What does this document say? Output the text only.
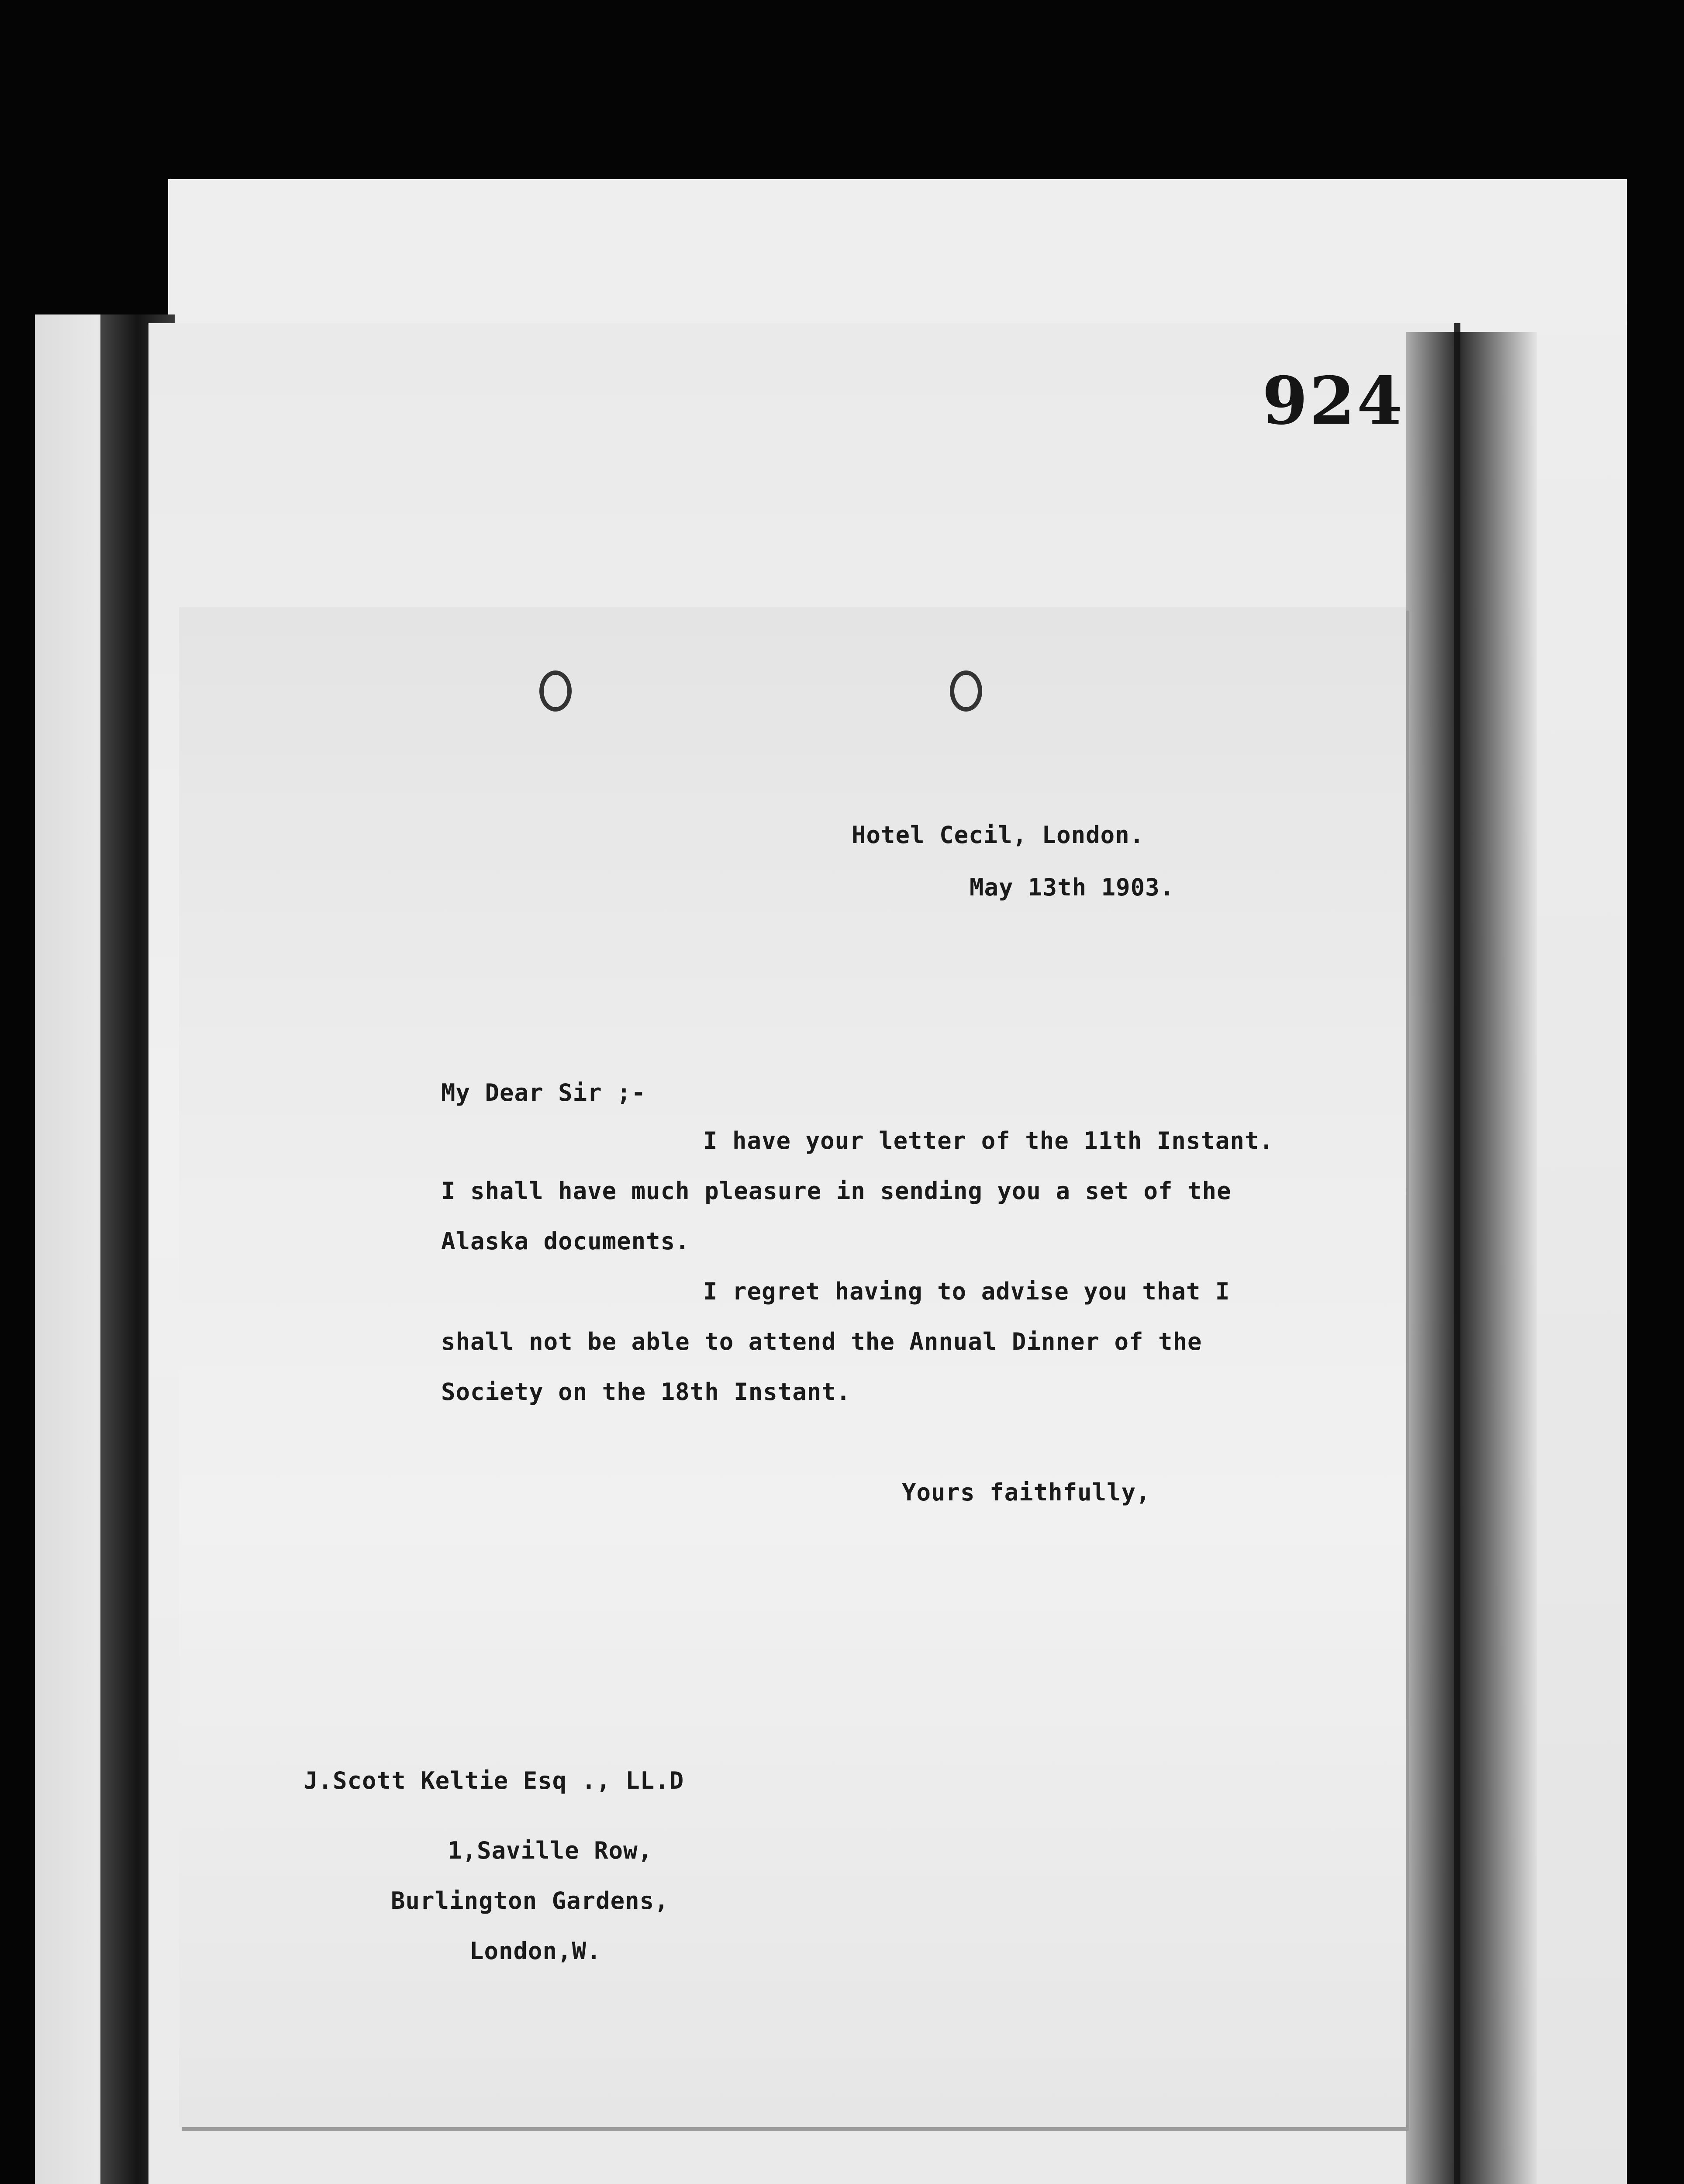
924
Hotel Cecil, London.
May 13th 1903.
My Dear Sir ;-
I have your letter of the 11th Instant.
I shall have much pleasure in sending you a set of the
Alaska documents.
I regret having to advise you that I
shall not be able to attend the Annual Dinner of the
Society on the 18th Instant.
Yours faithfully,
J.Scott Keltie Esq ., LL.D
1,Saville Row,
Burlington Gardens,
London,W.
